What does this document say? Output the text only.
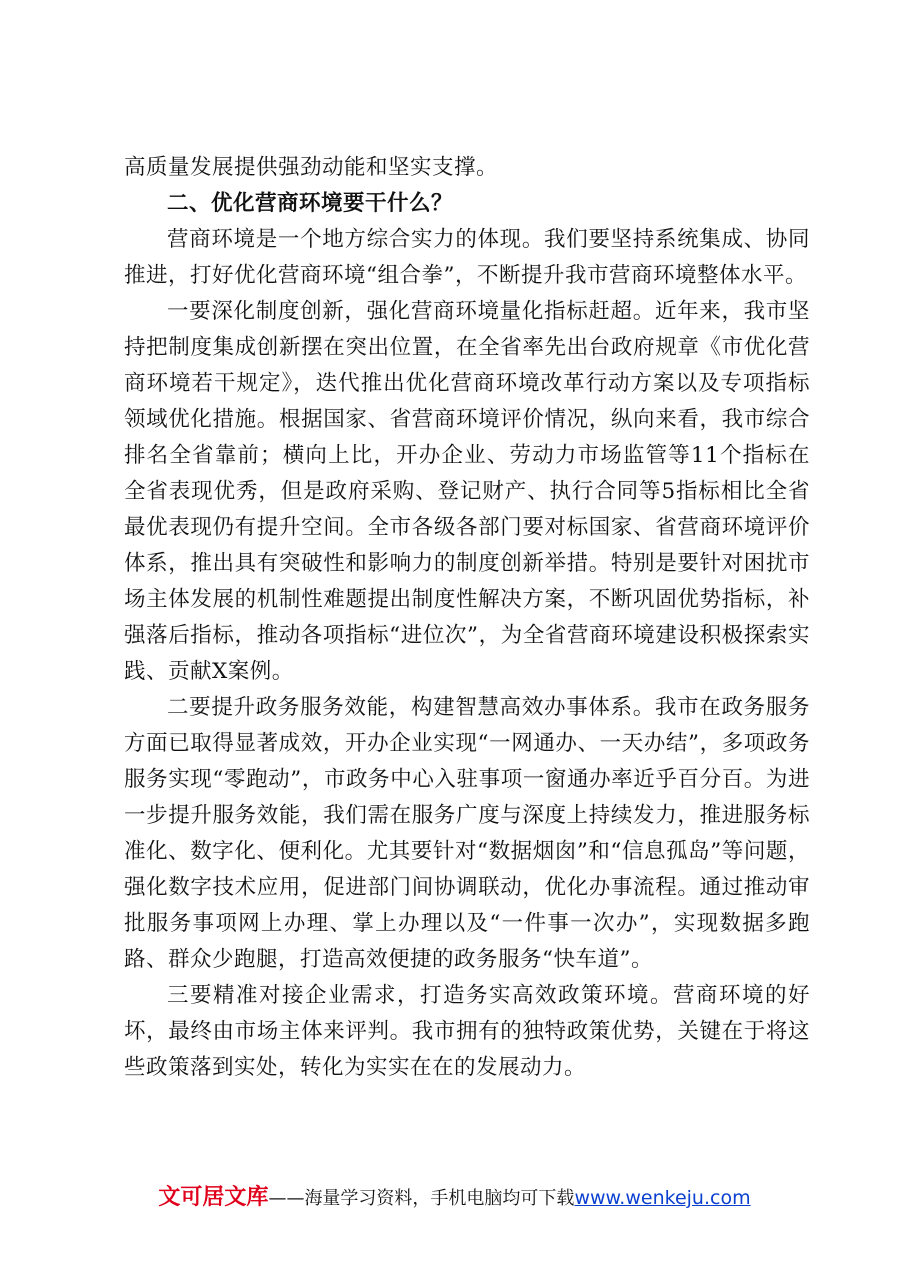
高质量发展提供强劲动能和坚实支撑。

二、优化营商环境要干什么？

营商环境是一个地方综合实力的体现。我们要坚持系统集成、协同推进，打好优化营商环境“组合拳”，不断提升我市营商环境整体水平。

一要深化制度创新，强化营商环境量化指标赶超。近年来，我市坚持把制度集成创新摆在突出位置，在全省率先出台政府规章《市优化营商环境若干规定》，迭代推出优化营商环境改革行动方案以及专项指标领域优化措施。根据国家、省营商环境评价情况，纵向来看，我市综合排名全省靠前；横向上比，开办企业、劳动力市场监管等11个指标在全省表现优秀，但是政府采购、登记财产、执行合同等5指标相比全省最优表现仍有提升空间。全市各级各部门要对标国家、省营商环境评价体系，推出具有突破性和影响力的制度创新举措。特别是要针对困扰市场主体发展的机制性难题提出制度性解决方案，不断巩固优势指标，补强落后指标，推动各项指标“进位次”，为全省营商环境建设积极探索实践、贡献X案例。

二要提升政务服务效能，构建智慧高效办事体系。我市在政务服务方面已取得显著成效，开办企业实现“一网通办、一天办结”，多项政务服务实现“零跑动”，市政务中心入驻事项一窗通办率近乎百分百。为进一步提升服务效能，我们需在服务广度与深度上持续发力，推进服务标准化、数字化、便利化。尤其要针对“数据烟囱”和“信息孤岛”等问题，强化数字技术应用，促进部门间协调联动，优化办事流程。通过推动审批服务事项网上办理、掌上办理以及“一件事一次办”，实现数据多跑路、群众少跑腿，打造高效便捷的政务服务“快车道”。

三要精准对接企业需求，打造务实高效政策环境。营商环境的好坏，最终由市场主体来评判。我市拥有的独特政策优势，关键在于将这些政策落到实处，转化为实实在在的发展动力。

文可居文库——海量学习资料，手机电脑均可下载www.wenkeju.com
